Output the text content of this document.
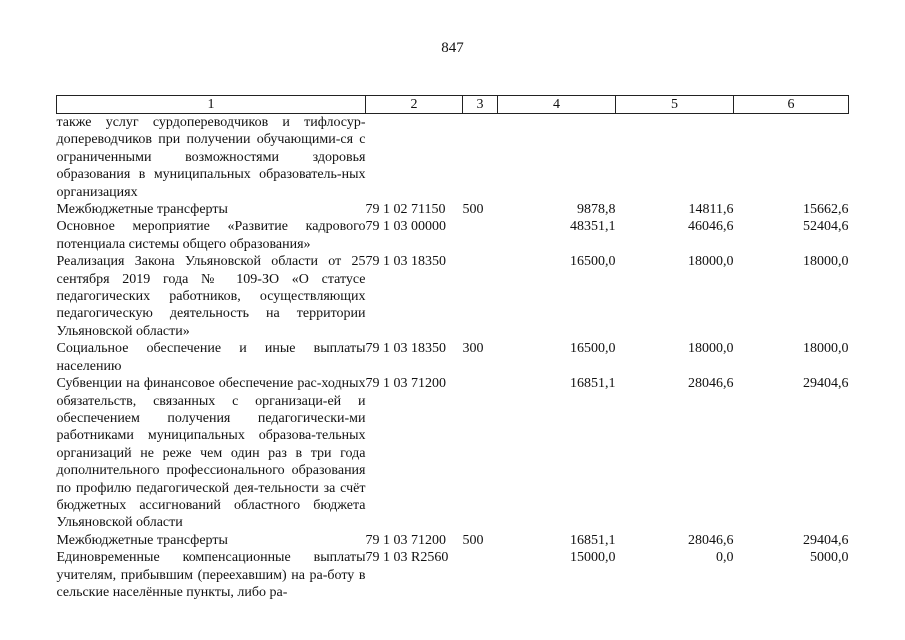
847
1	2	3	4	5	6
также услуг сурдопереводчиков и тифлосур-допереводчиков при получении обучающими-ся с ограниченными возможностями здоровья образования в муниципальных образователь-ных организациях					
Межбюджетные трансферты	79 1 02 71150	500	9878,8	14811,6	15662,6
Основное мероприятие «Развитие кадрового потенциала системы общего образования»	79 1 03 00000		48351,1	46046,6	52404,6
Реализация Закона Ульяновской области от 25 сентября 2019 года № 109-ЗО «О статусе педагогических работников, осуществляющих педагогическую деятельность на территории Ульяновской области»	79 1 03 18350		16500,0	18000,0	18000,0
Социальное обеспечение и иные выплаты населению	79 1 03 18350	300	16500,0	18000,0	18000,0
Субвенции на финансовое обеспечение рас-ходных обязательств, связанных с организаци-ей и обеспечением получения педагогически-ми работниками муниципальных образова-тельных организаций не реже чем один раз в три года дополнительного профессионального образования по профилю педагогической дея-тельности за счёт бюджетных ассигнований областного бюджета Ульяновской области	79 1 03 71200		16851,1	28046,6	29404,6
Межбюджетные трансферты	79 1 03 71200	500	16851,1	28046,6	29404,6
Единовременные компенсационные выплаты учителям, прибывшим (переехавшим) на ра-боту в сельские населённые пункты, либо ра-	79 1 03 R2560		15000,0	0,0	5000,0
